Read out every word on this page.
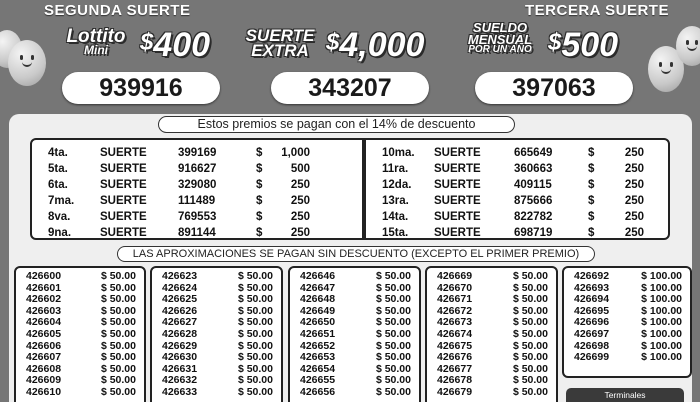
SEGUNDA SUERTE	TERCERA SUERTE
Lottito
Mini	$400
939916
SUERTE
EXTRA $4,000
343207
SUELDO
MENSUAL
POR UN AÑO $500
397063
Estos premios se pagan con el 14% de descuento
4ta.	SUERTE	399169	$ 1,000
5ta.	SUERTE	916627	$ 500
6ta.	SUERTE	329080	$ 250
7ma. SUERTE	111489	$ 250
8va.	SUERTE	769553	$ 250
9na.	SUERTE	891144	$ 250
10ma. SUERTE	665649	$	250
11ra. SUERTE	360663	$	250
12da. SUERTE	409115	$	250
13ra. SUERTE	875666	$	250
14ta. SUERTE	822782	$	250
15ta. SUERTE	698719	$	250
LAS APROXIMACIONES SE PAGAN SIN DESCUENTO (EXCEPTO EL PRIMER PREMIO)
426600	$ 50.00
426601	$ 50.00
426602	$ 50.00
426603	$ 50.00
426604	$ 50.00
426605	$ 50.00
426606	$ 50.00
426607	$ 50.00
426608	$ 50.00
426609	$ 50.00
426610	$ 50.00
426623	$ 50.00
426624	$ 50.00
426625	$ 50.00
426626	$ 50.00
426627	$ 50.00
426628	$ 50.00
426629	$ 50.00
426630	$ 50.00
426631	$ 50.00
426632	$ 50.00
426633	$ 50.00
426646	$ 50.00
426647	$ 50.00
426648	$ 50.00
426649	$ 50.00
426650	$ 50.00
426651	$ 50.00
426652	$ 50.00
426653	$ 50.00
426654	$ 50.00
426655	$ 50.00
426656	$ 50.00
426669	$ 50.00
426670	$ 50.00
426671	$ 50.00
426672	$ 50.00
426673	$ 50.00
426674	$ 50.00
426675	$ 50.00
426676	$ 50.00
426677	$ 50.00
426678	$ 50.00
426679	$ 50.00
426692	$ 100.00
426693	$ 100.00
426694	$ 100.00
426695	$ 100.00
426696	$ 100.00
426697	$ 100.00
426698	$ 100.00
426699	$ 100.00
Terminales
